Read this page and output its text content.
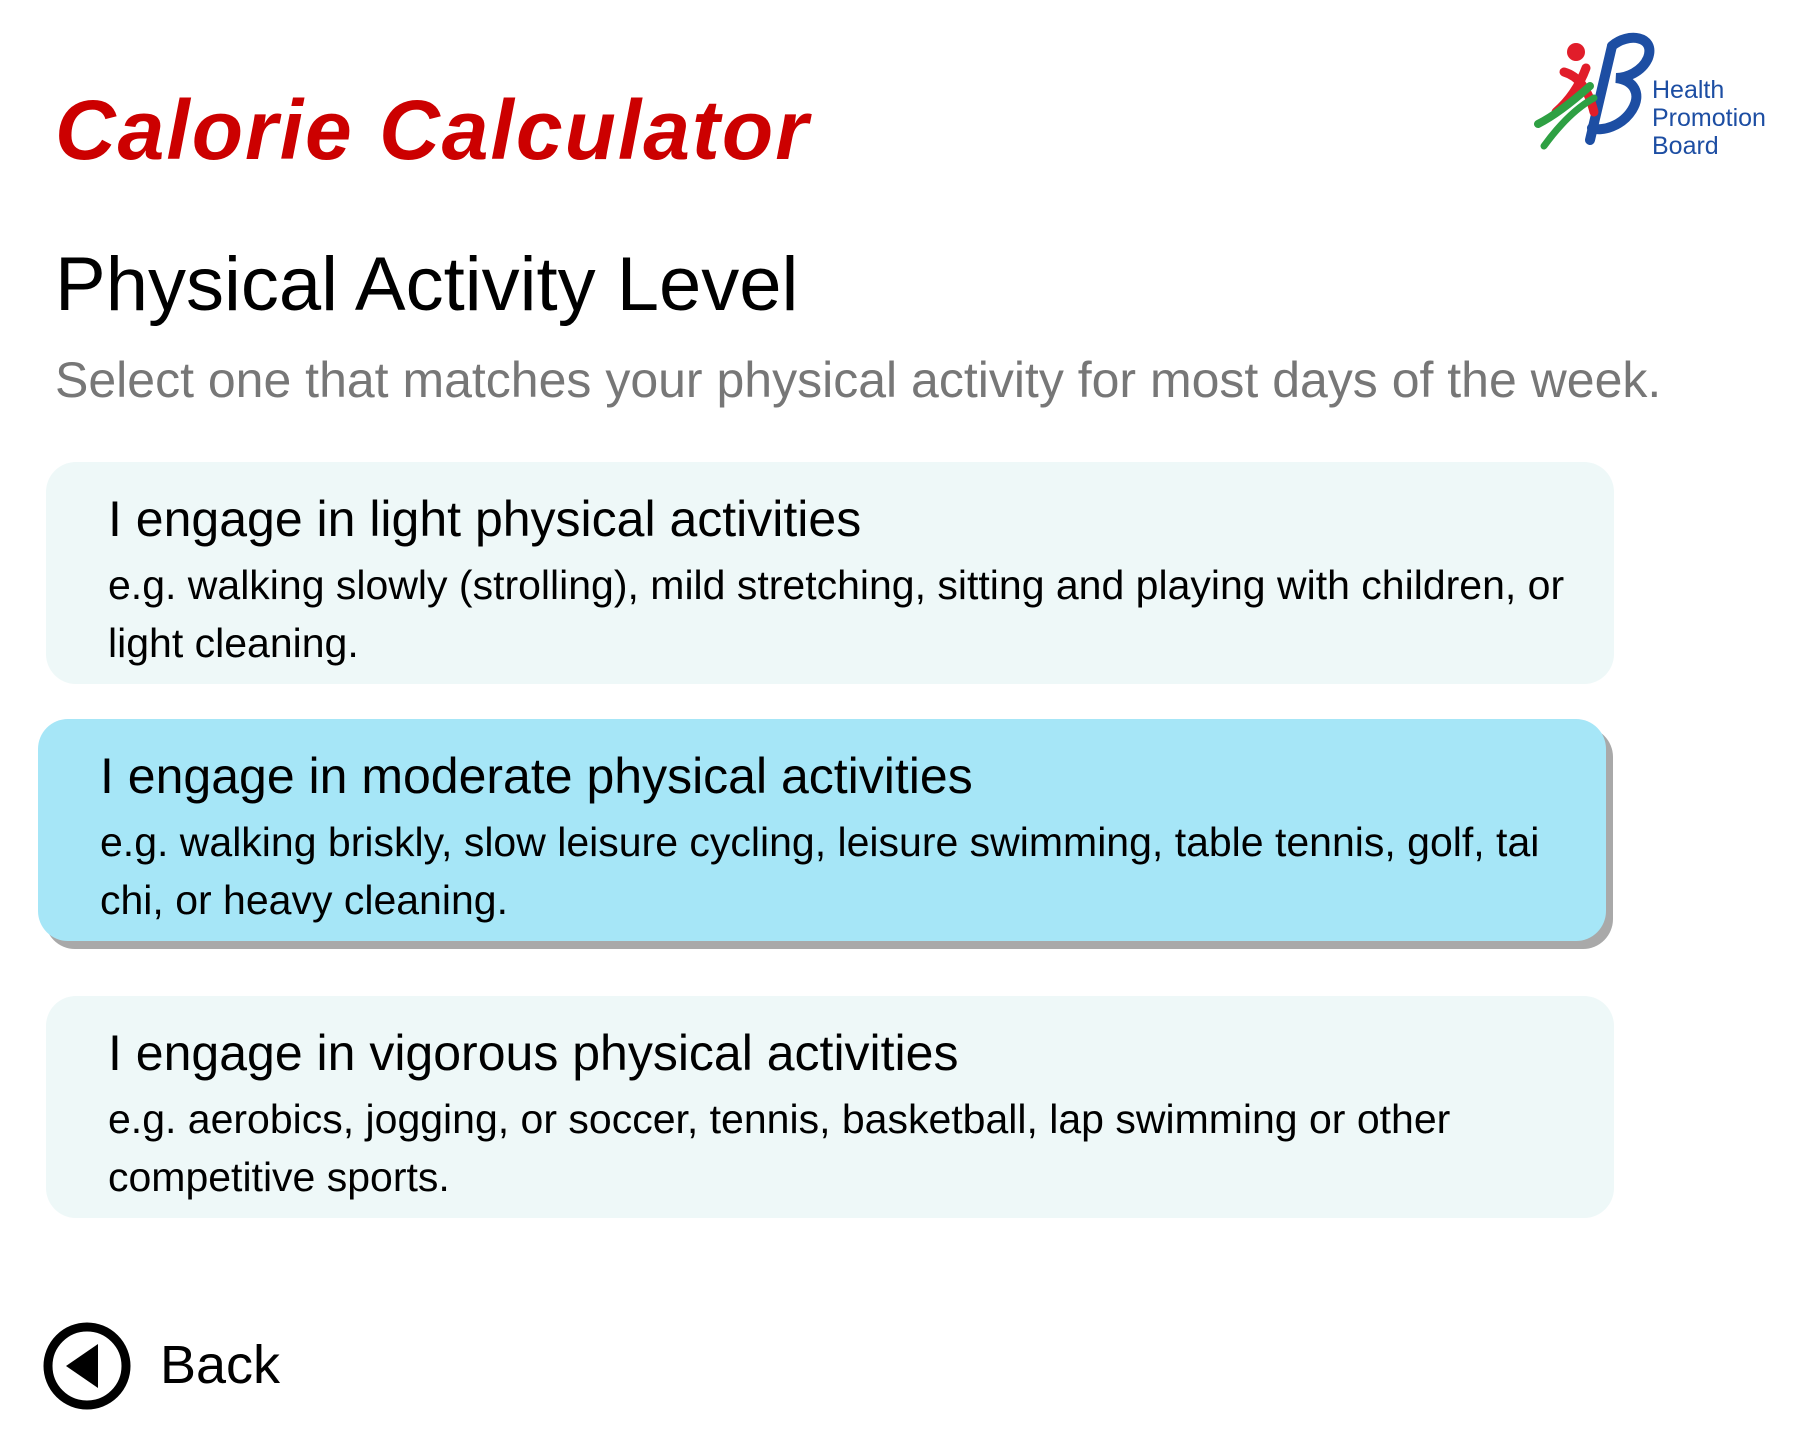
Calorie Calculator	Health
Promotion
Board
Physical Activity Level

Select one that matches your physical activity for most days of the week.

I engage in light physical activities
e.g. walking slowly (strolling), mild stretching, sitting and playing with children, or light cleaning.
I engage in moderate physical activities
e.g. walking briskly, slow leisure cycling, leisure swimming, table tennis, golf, tai chi, or heavy cleaning.
I engage in vigorous physical activities
e.g. aerobics, jogging, or soccer, tennis, basketball, lap swimming or other competitive sports.
Back
